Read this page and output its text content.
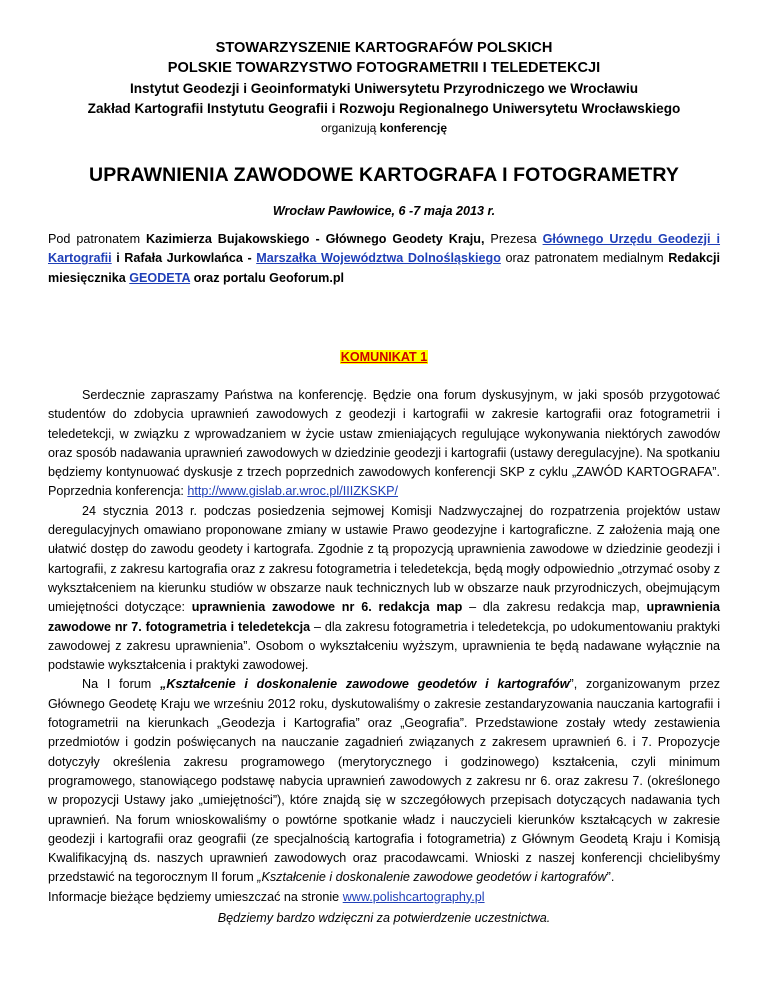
STOWARZYSZENIE KARTOGRAFÓW POLSKICH
POLSKIE TOWARZYSTWO FOTOGRAMETRII I TELEDETEKCJI
Instytut Geodezji i Geoinformatyki Uniwersytetu Przyrodniczego we Wrocławiu
Zakład Kartografii Instytutu Geografii i Rozwoju Regionalnego Uniwersytetu Wrocławskiego
organizują konferencję
UPRAWNIENIA ZAWODOWE KARTOGRAFA I FOTOGRAMETRY
Wrocław Pawłowice, 6 -7 maja 2013 r.

Pod patronatem Kazimierza Bujakowskiego - Głównego Geodety Kraju, Prezesa Głównego Urzędu Geodezji i Kartografii i Rafała Jurkowlańca - Marszałka Województwa Dolnośląskiego oraz patronatem medialnym Redakcji miesięcznika GEODETA oraz portalu Geoforum.pl

KOMUNIKAT 1

Serdecznie zapraszamy Państwa na konferencję. Będzie ona forum dyskusyjnym, w jaki sposób przygotować studentów do zdobycia uprawnień zawodowych z geodezji i kartografii w zakresie kartografii oraz fotogrametrii i teledetekcji, w związku z wprowadzaniem w życie ustaw zmieniających regulujące wykonywania niektórych zawodów oraz sposób nadawania uprawnień zawodowych w dziedzinie geodezji i kartografii (ustawy deregulacyjne). Na spotkaniu będziemy kontynuować dyskusje z trzech poprzednich zawodowych konferencji SKP z cyklu „ZAWÓD KARTOGRAFA”. Poprzednia konferencja: http://www.gislab.ar.wroc.pl/IIIZKSKP/

24 stycznia 2013 r. podczas posiedzenia sejmowej Komisji Nadzwyczajnej do rozpatrzenia projektów ustaw deregulacyjnych omawiano proponowane zmiany w ustawie Prawo geodezyjne i kartograficzne. Z założenia mają one ułatwić dostęp do zawodu geodety i kartografa. Zgodnie z tą propozycją uprawnienia zawodowe w dziedzinie geodezji i kartografii, z zakresu kartografia oraz z zakresu fotogrametria i teledetekcja, będą mogły odpowiednio „otrzymać osoby z wykształceniem na kierunku studiów w obszarze nauk technicznych lub w obszarze nauk przyrodniczych, obejmującym umiejętności dotyczące: uprawnienia zawodowe nr 6. redakcja map – dla zakresu redakcja map, uprawnienia zawodowe nr 7. fotogrametria i teledetekcja – dla zakresu fotogrametria i teledetekcja, po udokumentowaniu praktyki zawodowej z zakresu uprawnienia”. Osobom o wykształceniu wyższym, uprawnienia te będą nadawane wyłącznie na podstawie wykształcenia i praktyki zawodowej.

Na I forum „Kształcenie i doskonalenie zawodowe geodetów i kartografów”, zorganizowanym przez Głównego Geodetę Kraju we wrześniu 2012 roku, dyskutowaliśmy o zakresie zestandaryzowania nauczania kartografii i fotogrametrii na kierunkach „Geodezja i Kartografia” oraz „Geografia”. Przedstawione zostały wtedy zestawienia przedmiotów i godzin poświęcanych na nauczanie zagadnień związanych z zakresem uprawnień 6. i 7. Propozycje dotyczyły określenia zakresu programowego (merytorycznego i godzinowego) kształcenia, czyli minimum programowego, stanowiącego podstawę nabycia uprawnień zawodowych z zakresu nr 6. oraz zakresu 7. (określonego w propozycji Ustawy jako „umiejętności”), które znajdą się w szczegółowych przepisach dotyczących nadawania tych uprawnień. Na forum wnioskowaliśmy o powtórne spotkanie władz i nauczycieli kierunków kształcących w zakresie geodezji i kartografii oraz geografii (ze specjalnością kartografia i fotogrametria) z Głównym Geodetą Kraju i Komisją Kwalifikacyjną ds. naszych uprawnień zawodowych oraz pracodawcami. Wnioski z naszej konferencji chcielibyśmy przedstawić na tegorocznym II forum „Kształcenie i doskonalenie zawodowe geodetów i kartografów”.

Informacje bieżące będziemy umieszczać na stronie www.polishcartography.pl

Będziemy bardzo wdzięczni za potwierdzenie uczestnictwa.
